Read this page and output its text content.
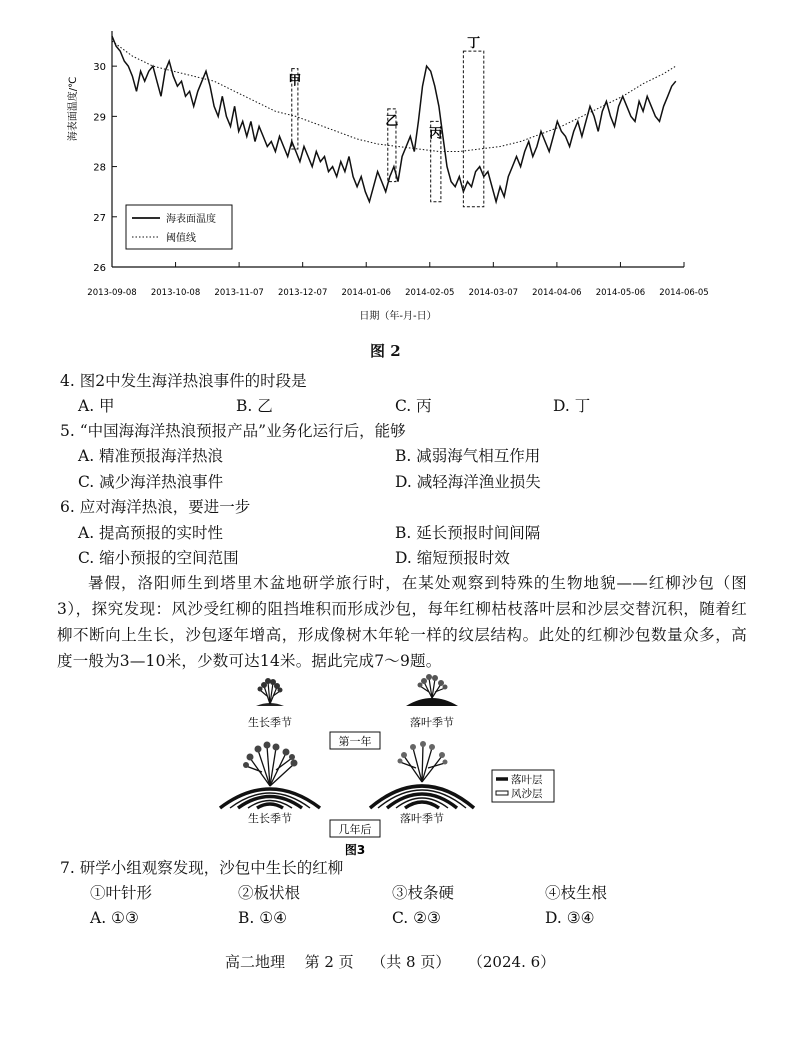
26
27
28
29
30
2013-09-08 2013-10-08 2013-11-07 2013-12-07 2014-01-06 2014-02-05 2014-03-07 2014-04-06 2014-05-06 2014-06-05
海表面温度/℃
日期（年-月-日）
甲
乙
丙
丁
海表面温度
阈值线
图 2
4. 图2中发生海洋热浪事件的时段是
A. 甲	B. 乙	C. 丙	D. 丁
5. “中国海海洋热浪预报产品”业务化运行后，能够
A. 精准预报海洋热浪	B. 减弱海气相互作用
C. 减少海洋热浪事件	D. 减轻海洋渔业损失
6. 应对海洋热浪，要进一步
A. 提高预报的实时性	B. 延长预报时间间隔
C. 缩小预报的空间范围	D. 缩短预报时效
暑假，洛阳师生到塔里木盆地研学旅行时，在某处观察到特殊的生物地貌——红柳沙包（图3），探究发现：风沙受红柳的阻挡堆积而形成沙包，每年红柳枯枝落叶层和沙层交替沉积，随着红柳不断向上生长，沙包逐年增高，形成像树木年轮一样的纹层结构。此处的红柳沙包数量众多，高度一般为3—10米，少数可达14米。据此完成7～9题。
生长季节	落叶季节
第一年
生长季节	落叶季节
落叶层
风沙层
几年后
图3
7. 研学小组观察发现，沙包中生长的红柳
①叶针形	②板状根	③枝条硬	④枝生根
A. ①③	B. ①④	C. ②③	D. ③④
高二地理 第 2 页 （共 8 页） （2024. 6）
